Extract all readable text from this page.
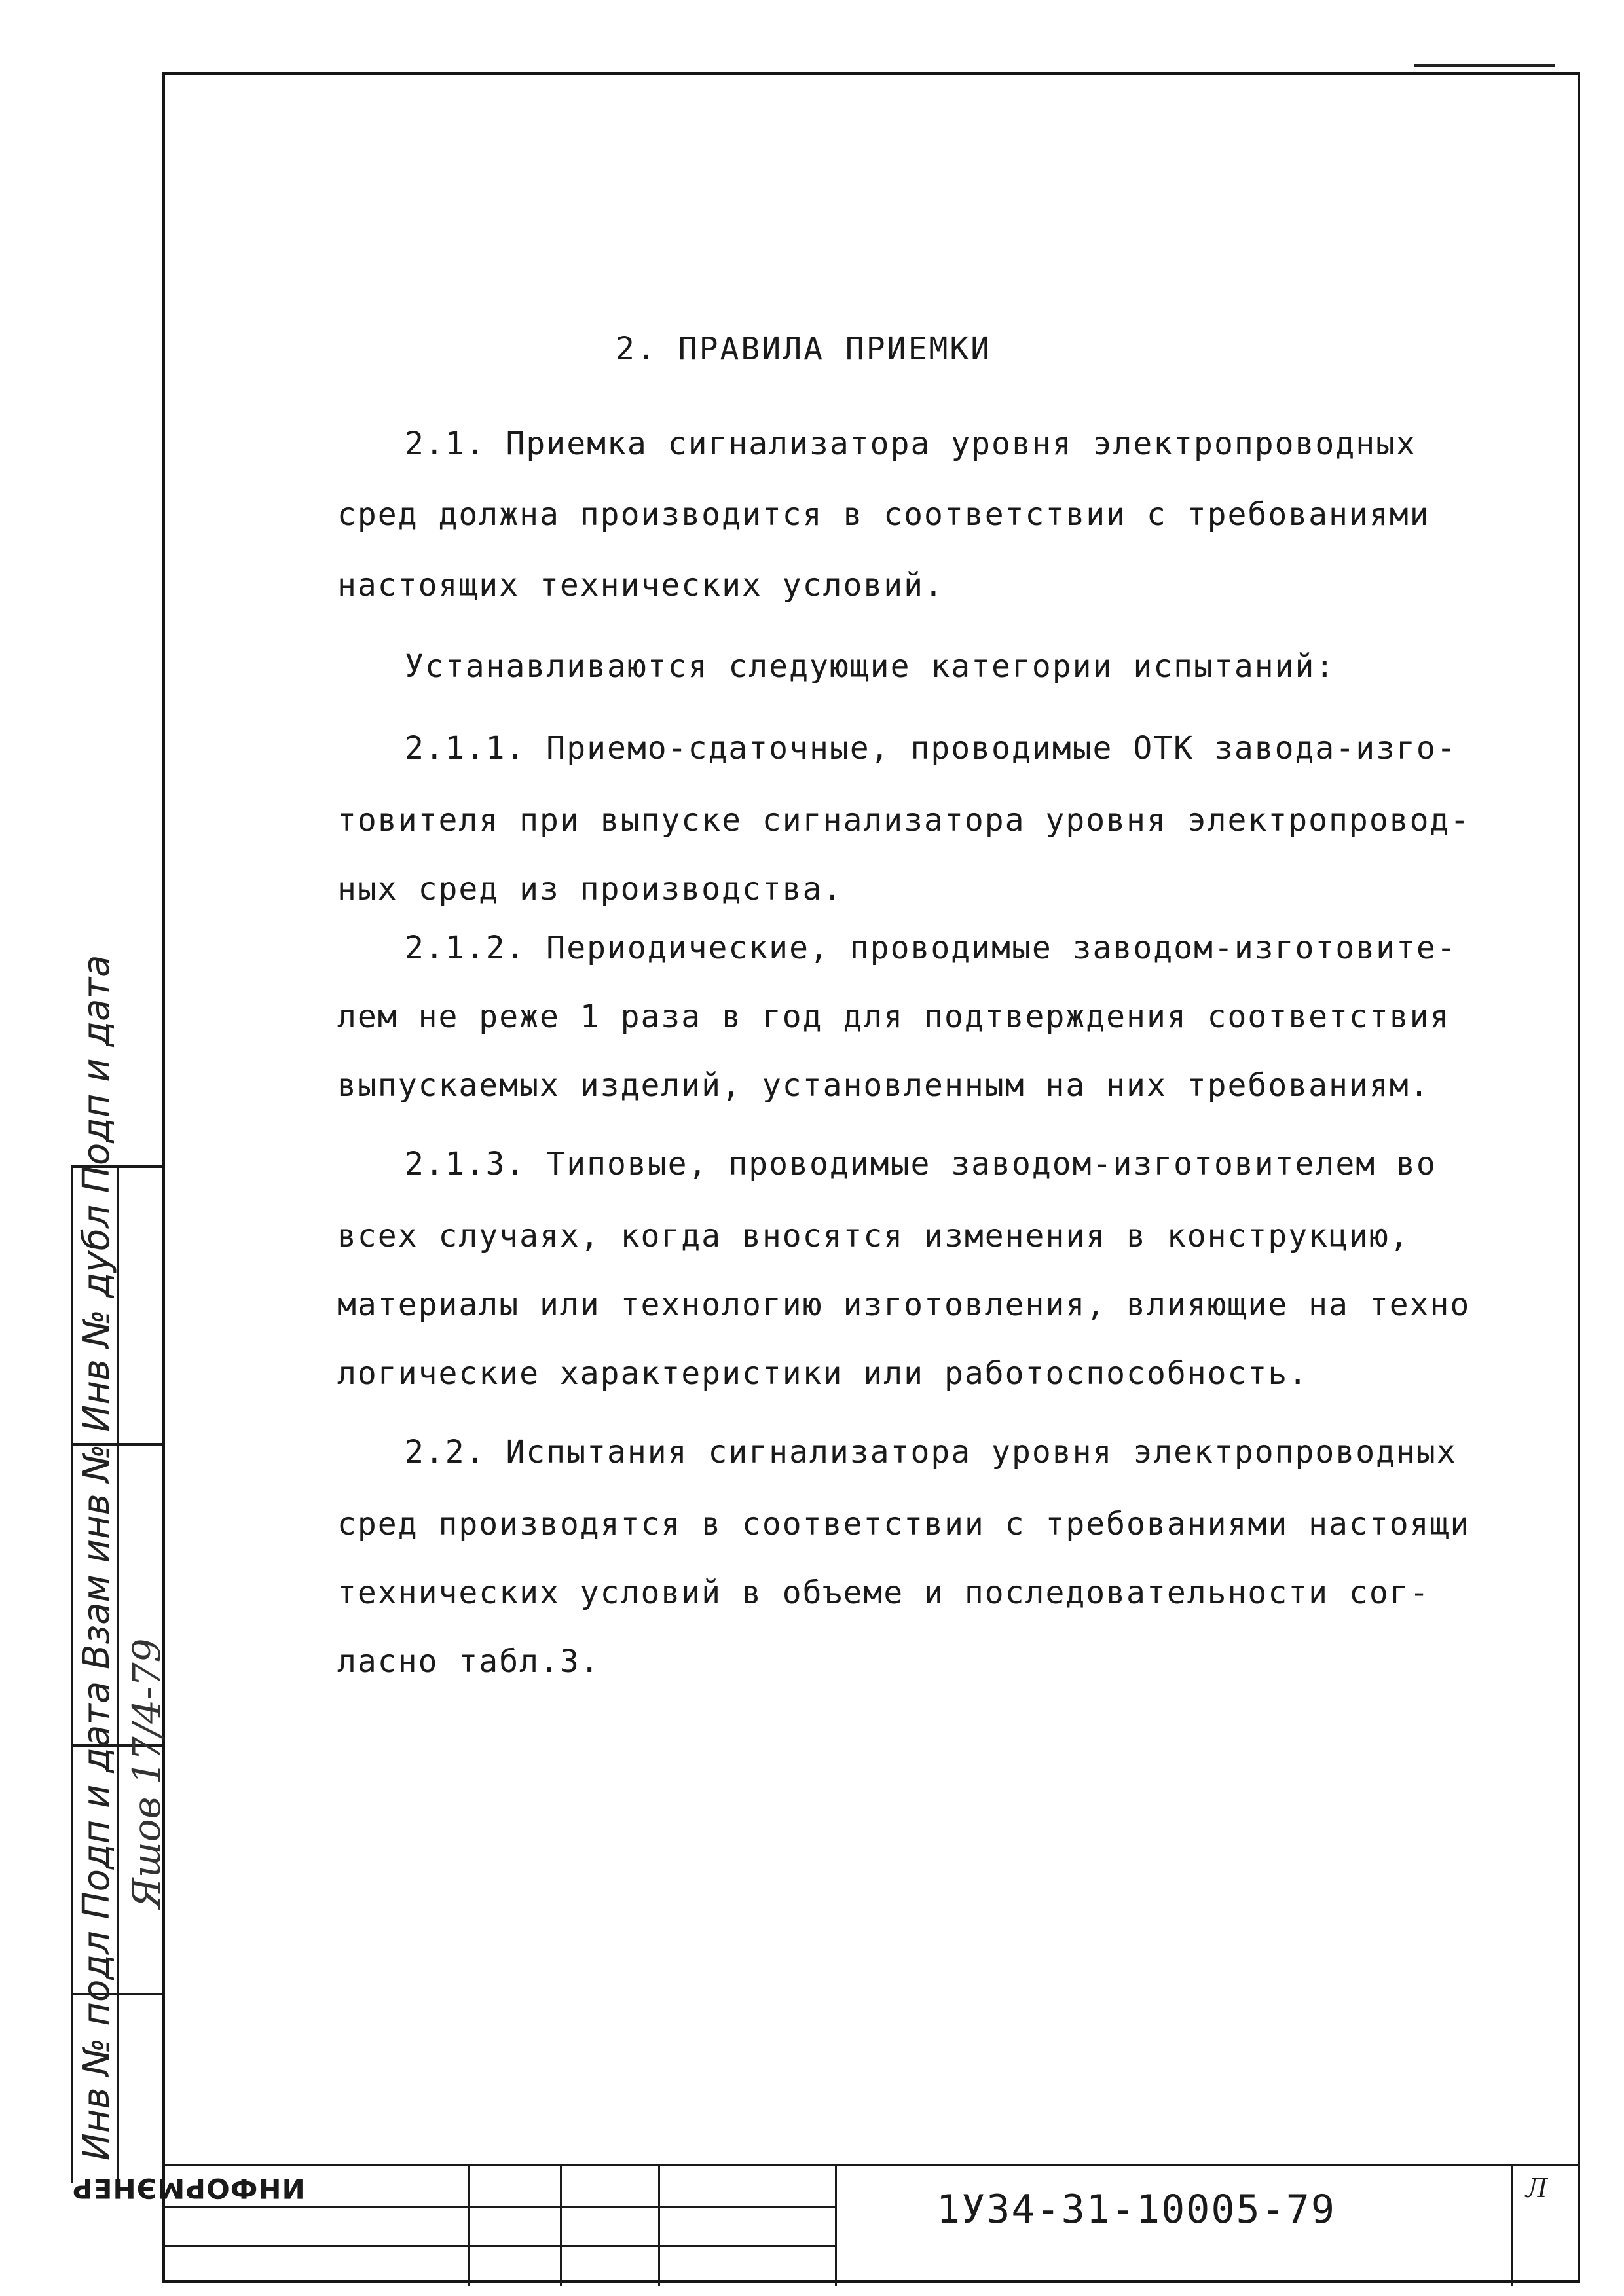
2. ПРАВИЛА ПРИЕМКИ
2.1. Приемка сигнализатора уровня электропроводных
сред должна производится в соответствии с требованиями
настоящих технических условий.
Устанавливаются следующие категории испытаний:
2.1.1. Приемо-сдаточные, проводимые ОТК завода-изго-
товителя при выпуске сигнализатора уровня электропровод-
ных сред из производства.
2.1.2. Периодические, проводимые заводом-изготовите-
лем не реже 1 раза в год для подтверждения соответствия
выпускаемых изделий, установленным на них требованиям.
2.1.3. Типовые, проводимые заводом-изготовителем во
всех случаях, когда вносятся изменения в конструкцию,
материалы или технологию изготовления, влияющие на техно
логические характеристики или работоспособность.
2.2. Испытания сигнализатора уровня электропроводных
сред производятся в соответствии с требованиями настоящи
технических условий в объеме и последовательности сог-
ласно табл.3.
Инв № подл Подп и дата Взам инв № Инв № дубл Подп и дата Яшов 17/4-79
ИНФОРМЭНЕР	1У34-31-10005-79	Л
